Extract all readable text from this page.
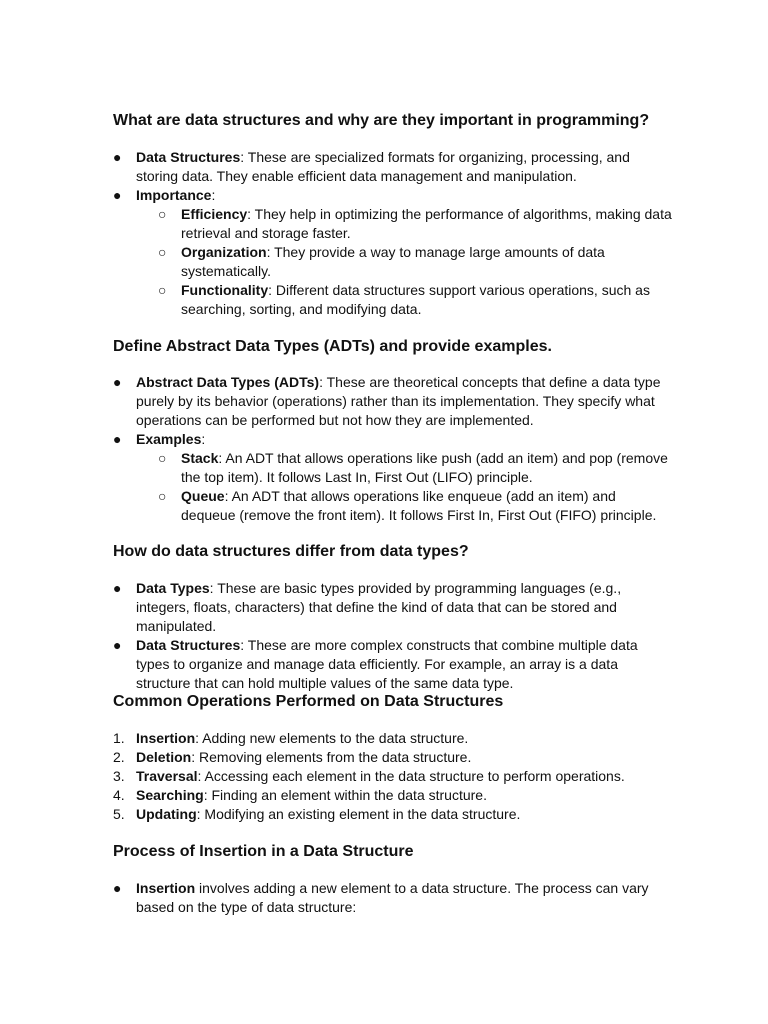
What are data structures and why are they important in programming?
●	Data Structures: These are specialized formats for organizing, processing, and storing data. They enable efficient data management and manipulation.
●	Importance:
○	Efficiency: They help in optimizing the performance of algorithms, making data retrieval and storage faster.
○	Organization: They provide a way to manage large amounts of data systematically.
○	Functionality: Different data structures support various operations, such as searching, sorting, and modifying data.
Define Abstract Data Types (ADTs) and provide examples.
●	Abstract Data Types (ADTs): These are theoretical concepts that define a data type purely by its behavior (operations) rather than its implementation. They specify what operations can be performed but not how they are implemented.
●	Examples:
○	Stack: An ADT that allows operations like push (add an item) and pop (remove the top item). It follows Last In, First Out (LIFO) principle.
○	Queue: An ADT that allows operations like enqueue (add an item) and dequeue (remove the front item). It follows First In, First Out (FIFO) principle.
How do data structures differ from data types?
●	Data Types: These are basic types provided by programming languages (e.g., integers, floats, characters) that define the kind of data that can be stored and manipulated.
●	Data Structures: These are more complex constructs that combine multiple data types to organize and manage data efficiently. For example, an array is a data structure that can hold multiple values of the same data type.
Common Operations Performed on Data Structures
1. Insertion: Adding new elements to the data structure.
2. Deletion: Removing elements from the data structure.
3. Traversal: Accessing each element in the data structure to perform operations.
4. Searching: Finding an element within the data structure.
5. Updating: Modifying an existing element in the data structure.
Process of Insertion in a Data Structure
●	Insertion involves adding a new element to a data structure. The process can vary based on the type of data structure:
